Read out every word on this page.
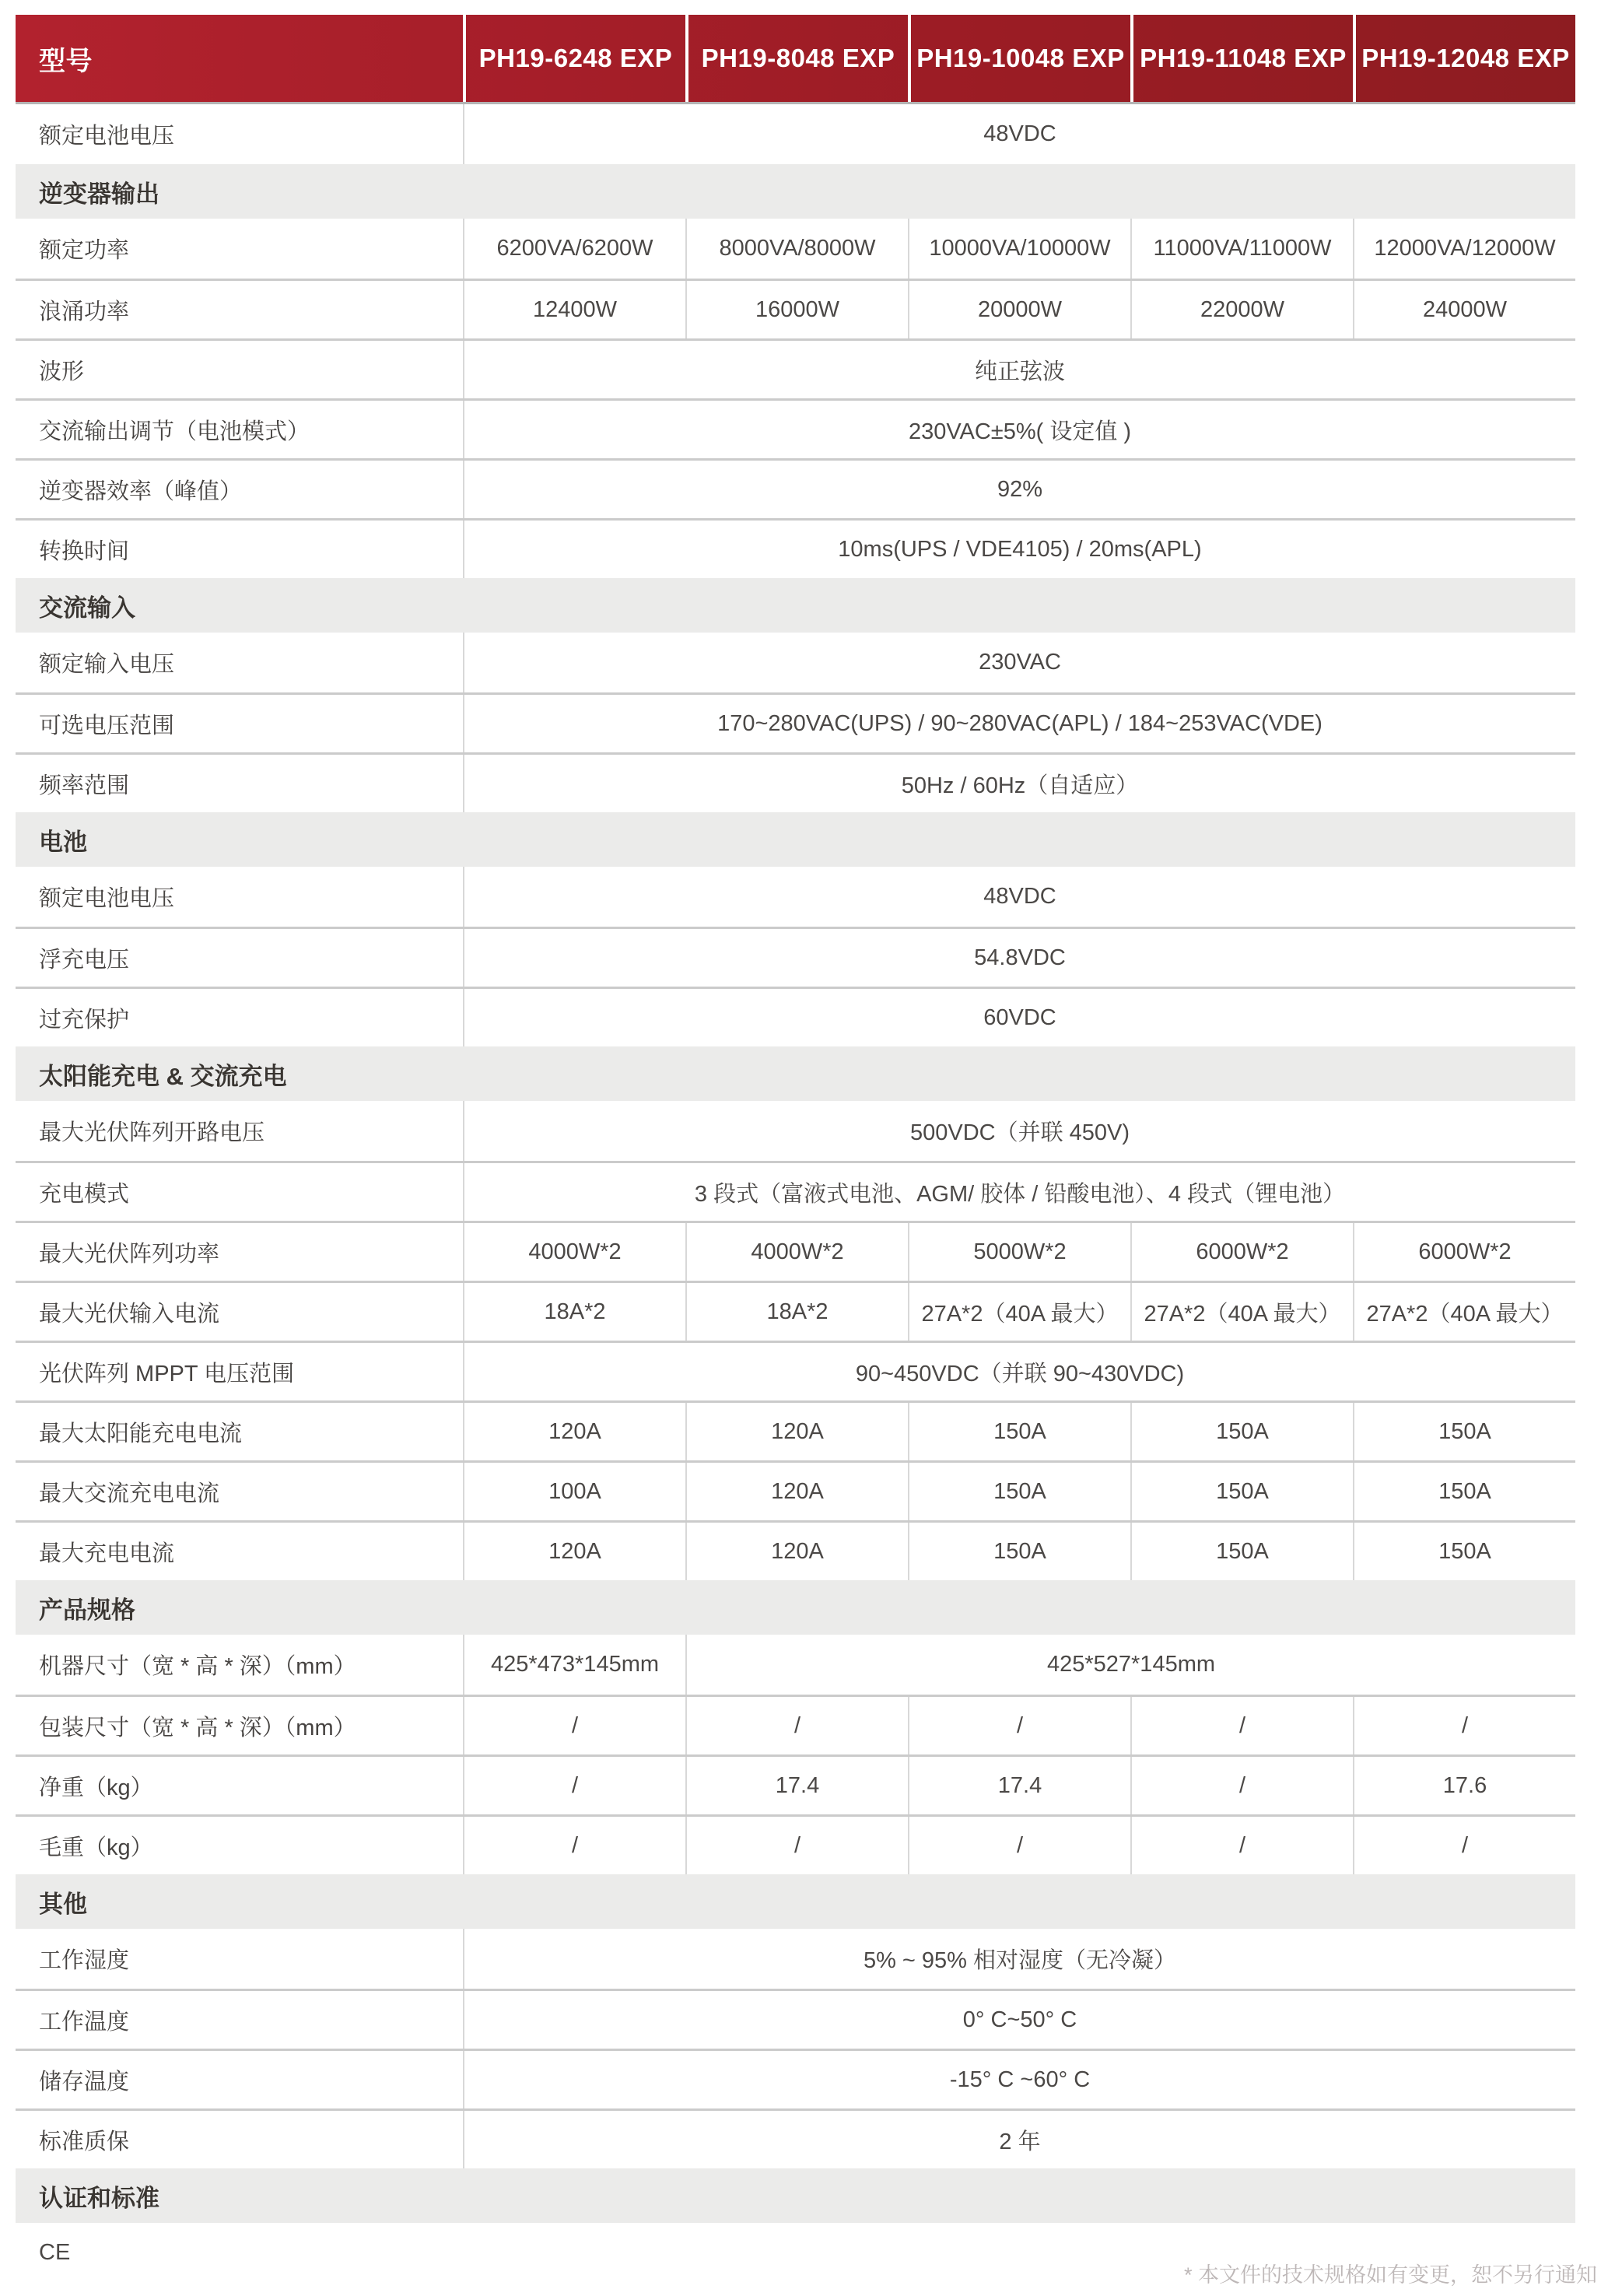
型号	PH19-6248 EXP	PH19-8048 EXP PH19-10048 EXP PH19-11048 EXP PH19-12048 EXP
额定电池电压	48VDC
逆变器输出
额定功率	6200VA/6200W	8000VA/8000W	10000VA/10000W	11000VA/11000W	12000VA/12000W
浪涌功率	12400W	16000W	20000W	22000W	24000W
波形	纯正弦波
交流输出调节（电池模式）	230VAC±5%( 设定值 )
逆变器效率（峰值）	92%
转换时间	10ms(UPS / VDE4105) / 20ms(APL)
交流输入
额定输入电压	230VAC
可选电压范围	170~280VAC(UPS) / 90~280VAC(APL) / 184~253VAC(VDE)
频率范围	50Hz / 60Hz（自适应）
电池
额定电池电压	48VDC
浮充电压	54.8VDC
过充保护	60VDC
太阳能充电 & 交流充电
最大光伏阵列开路电压	500VDC（并联 450V)
充电模式	3 段式（富液式电池、AGM/ 胶体 / 铅酸电池）、4 段式（锂电池）
最大光伏阵列功率	4000W*2	4000W*2	5000W*2	6000W*2	6000W*2
最大光伏输入电流	18A*2	18A*2	27A*2（40A 最大）	27A*2（40A 最大）	27A*2（40A 最大）
光伏阵列 MPPT 电压范围	90~450VDC（并联 90~430VDC)
最大太阳能充电电流	120A	120A	150A	150A	150A
最大交流充电电流	100A	120A	150A	150A	150A
最大充电电流	120A	120A	150A	150A	150A
产品规格
机器尺寸（宽 * 高 * 深）（mm）	425*473*145mm	425*527*145mm
包装尺寸（宽 * 高 * 深）（mm）	/	/	/	/	/
净重（kg）	/	17.4	17.4	/	17.6
毛重（kg）	/	/	/	/	/
其他
工作湿度	5% ~ 95% 相对湿度（无冷凝）
工作温度	0° C~50° C
储存温度	-15° C ~60° C
标准质保	2 年
认证和标准
CE
* 本文件的技术规格如有变更，恕不另行通知
